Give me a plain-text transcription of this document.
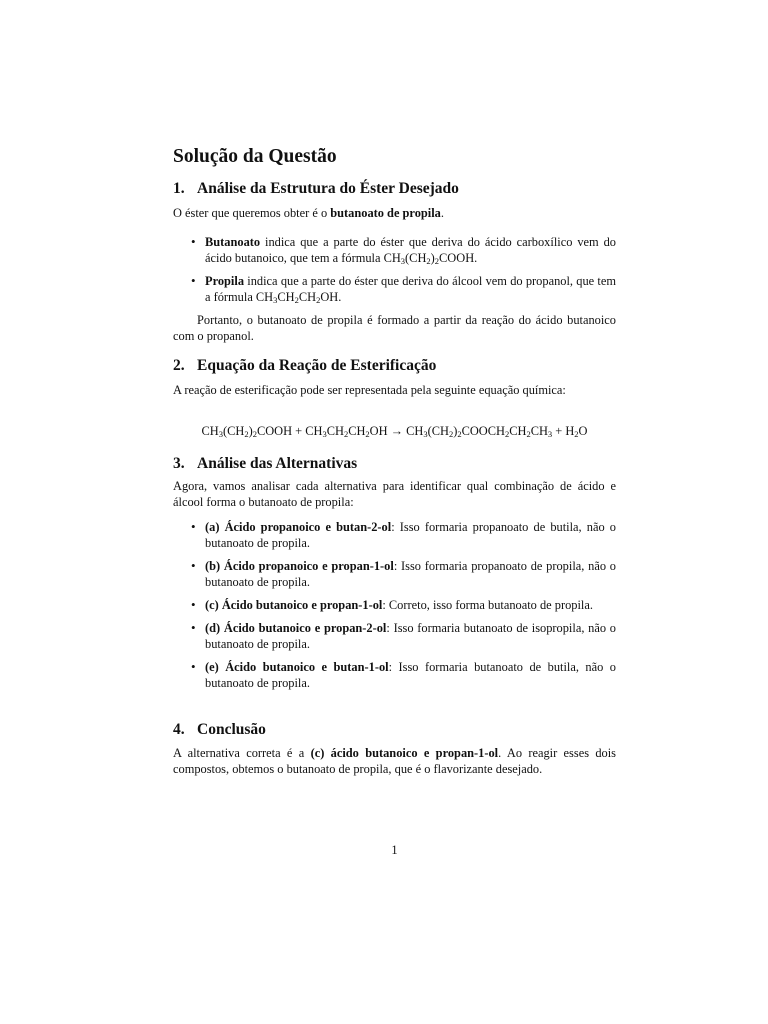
Solução da Questão
1. Análise da Estrutura do Éster Desejado

O éster que queremos obter é o butanoato de propila.

• Butanoato indica que a parte do éster que deriva do ácido carboxílico vem do ácido butanoico, que tem a fórmula $CH_3(CH_2)_2COOH$.
• Propila indica que a parte do éster que deriva do álcool vem do propanol, que tem a fórmula $CH_3CH_2CH_2OH$.

Portanto, o butanoato de propila é formado a partir da reação do ácido butanoico com o propanol.

2. Equação da Reação de Esterificação

A reação de esterificação pode ser representada pela seguinte equação química:

$CH_3(CH_2)_2COOH + CH_3CH_2CH_2OH$ → $CH_3(CH_2)_2COOCH_2CH_2CH_3 + H_2O$
3. Análise das Alternativas

Agora, vamos analisar cada alternativa para identificar qual combinação de ácido e álcool forma o butanoato de propila:

• (a) Ácido propanoico e butan-2-ol: Isso formaria propanoato de butila, não o butanoato de propila.
• (b) Ácido propanoico e propan-1-ol: Isso formaria propanoato de propila, não o butanoato de propila.
• (c) Ácido butanoico e propan-1-ol: Correto, isso forma butanoato de propila.
• (d) Ácido butanoico e propan-2-ol: Isso formaria butanoato de isopropila, não o butanoato de propila.
• (e) Ácido butanoico e butan-1-ol: Isso formaria butanoato de butila, não o butanoato de propila.
4. Conclusão

A alternativa correta é a (c) ácido butanoico e propan-1-ol. Ao reagir esses dois compostos, obtemos o butanoato de propila, que é o flavorizante desejado.

1
